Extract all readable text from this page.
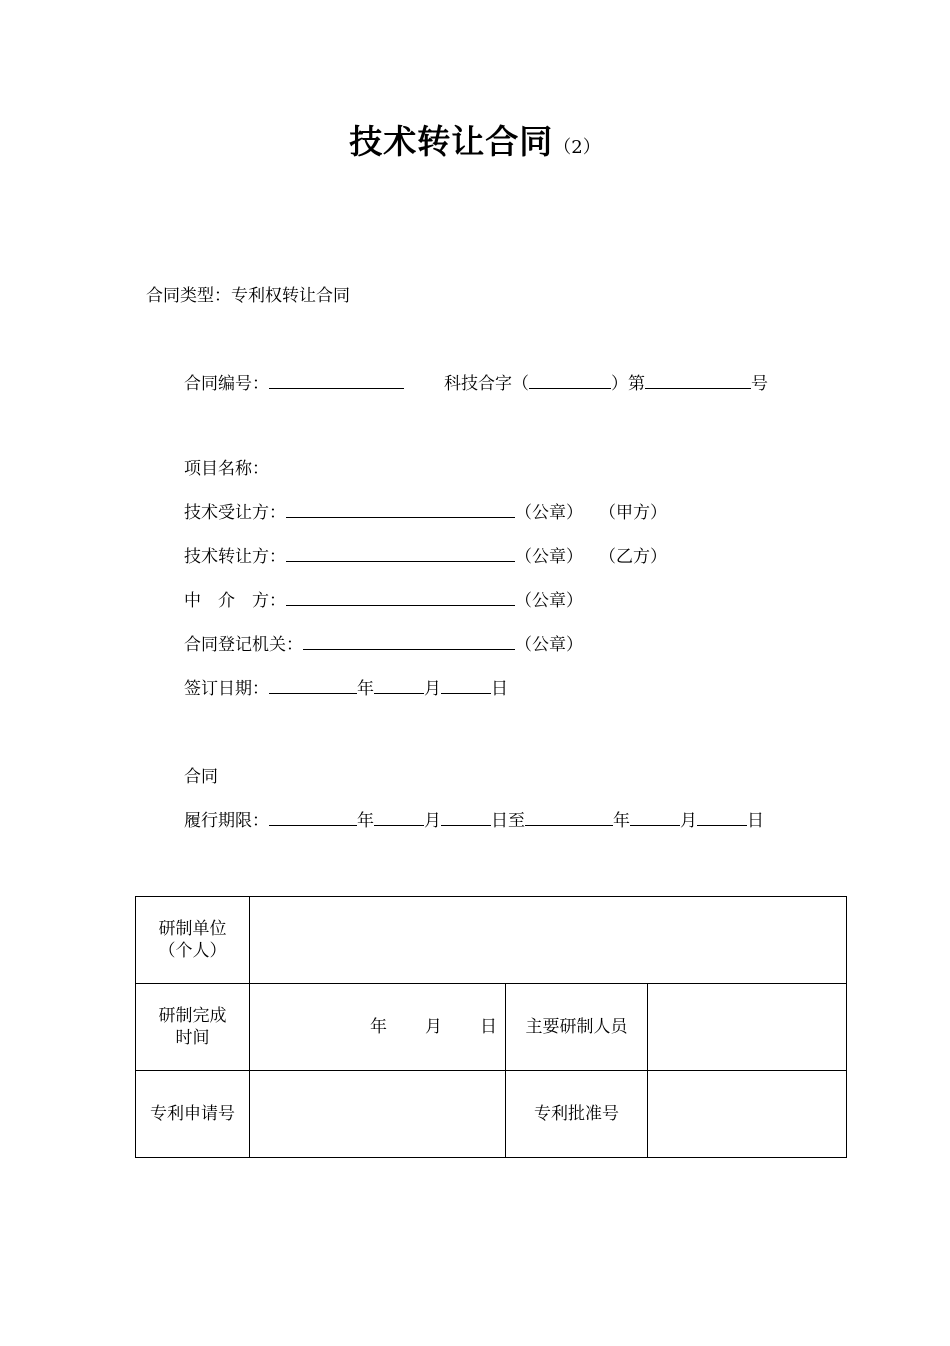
技术转让合同（2）
合同类型：专利权转让合同
合同编号：	科技合字（	）第	号
项目名称：
技术受让方：	（公章） （甲方）
技术转让方：	（公章） （乙方）
中　介　方：	（公章）
合同登记机关：	（公章）
签订日期：	年	月	日
合同
履行期限：	年	月	日至	年	月	日
研制单位
（个人）			
研制完成
时间	年 月 日	主要研制人员	
专利申请号		专利批准号	
